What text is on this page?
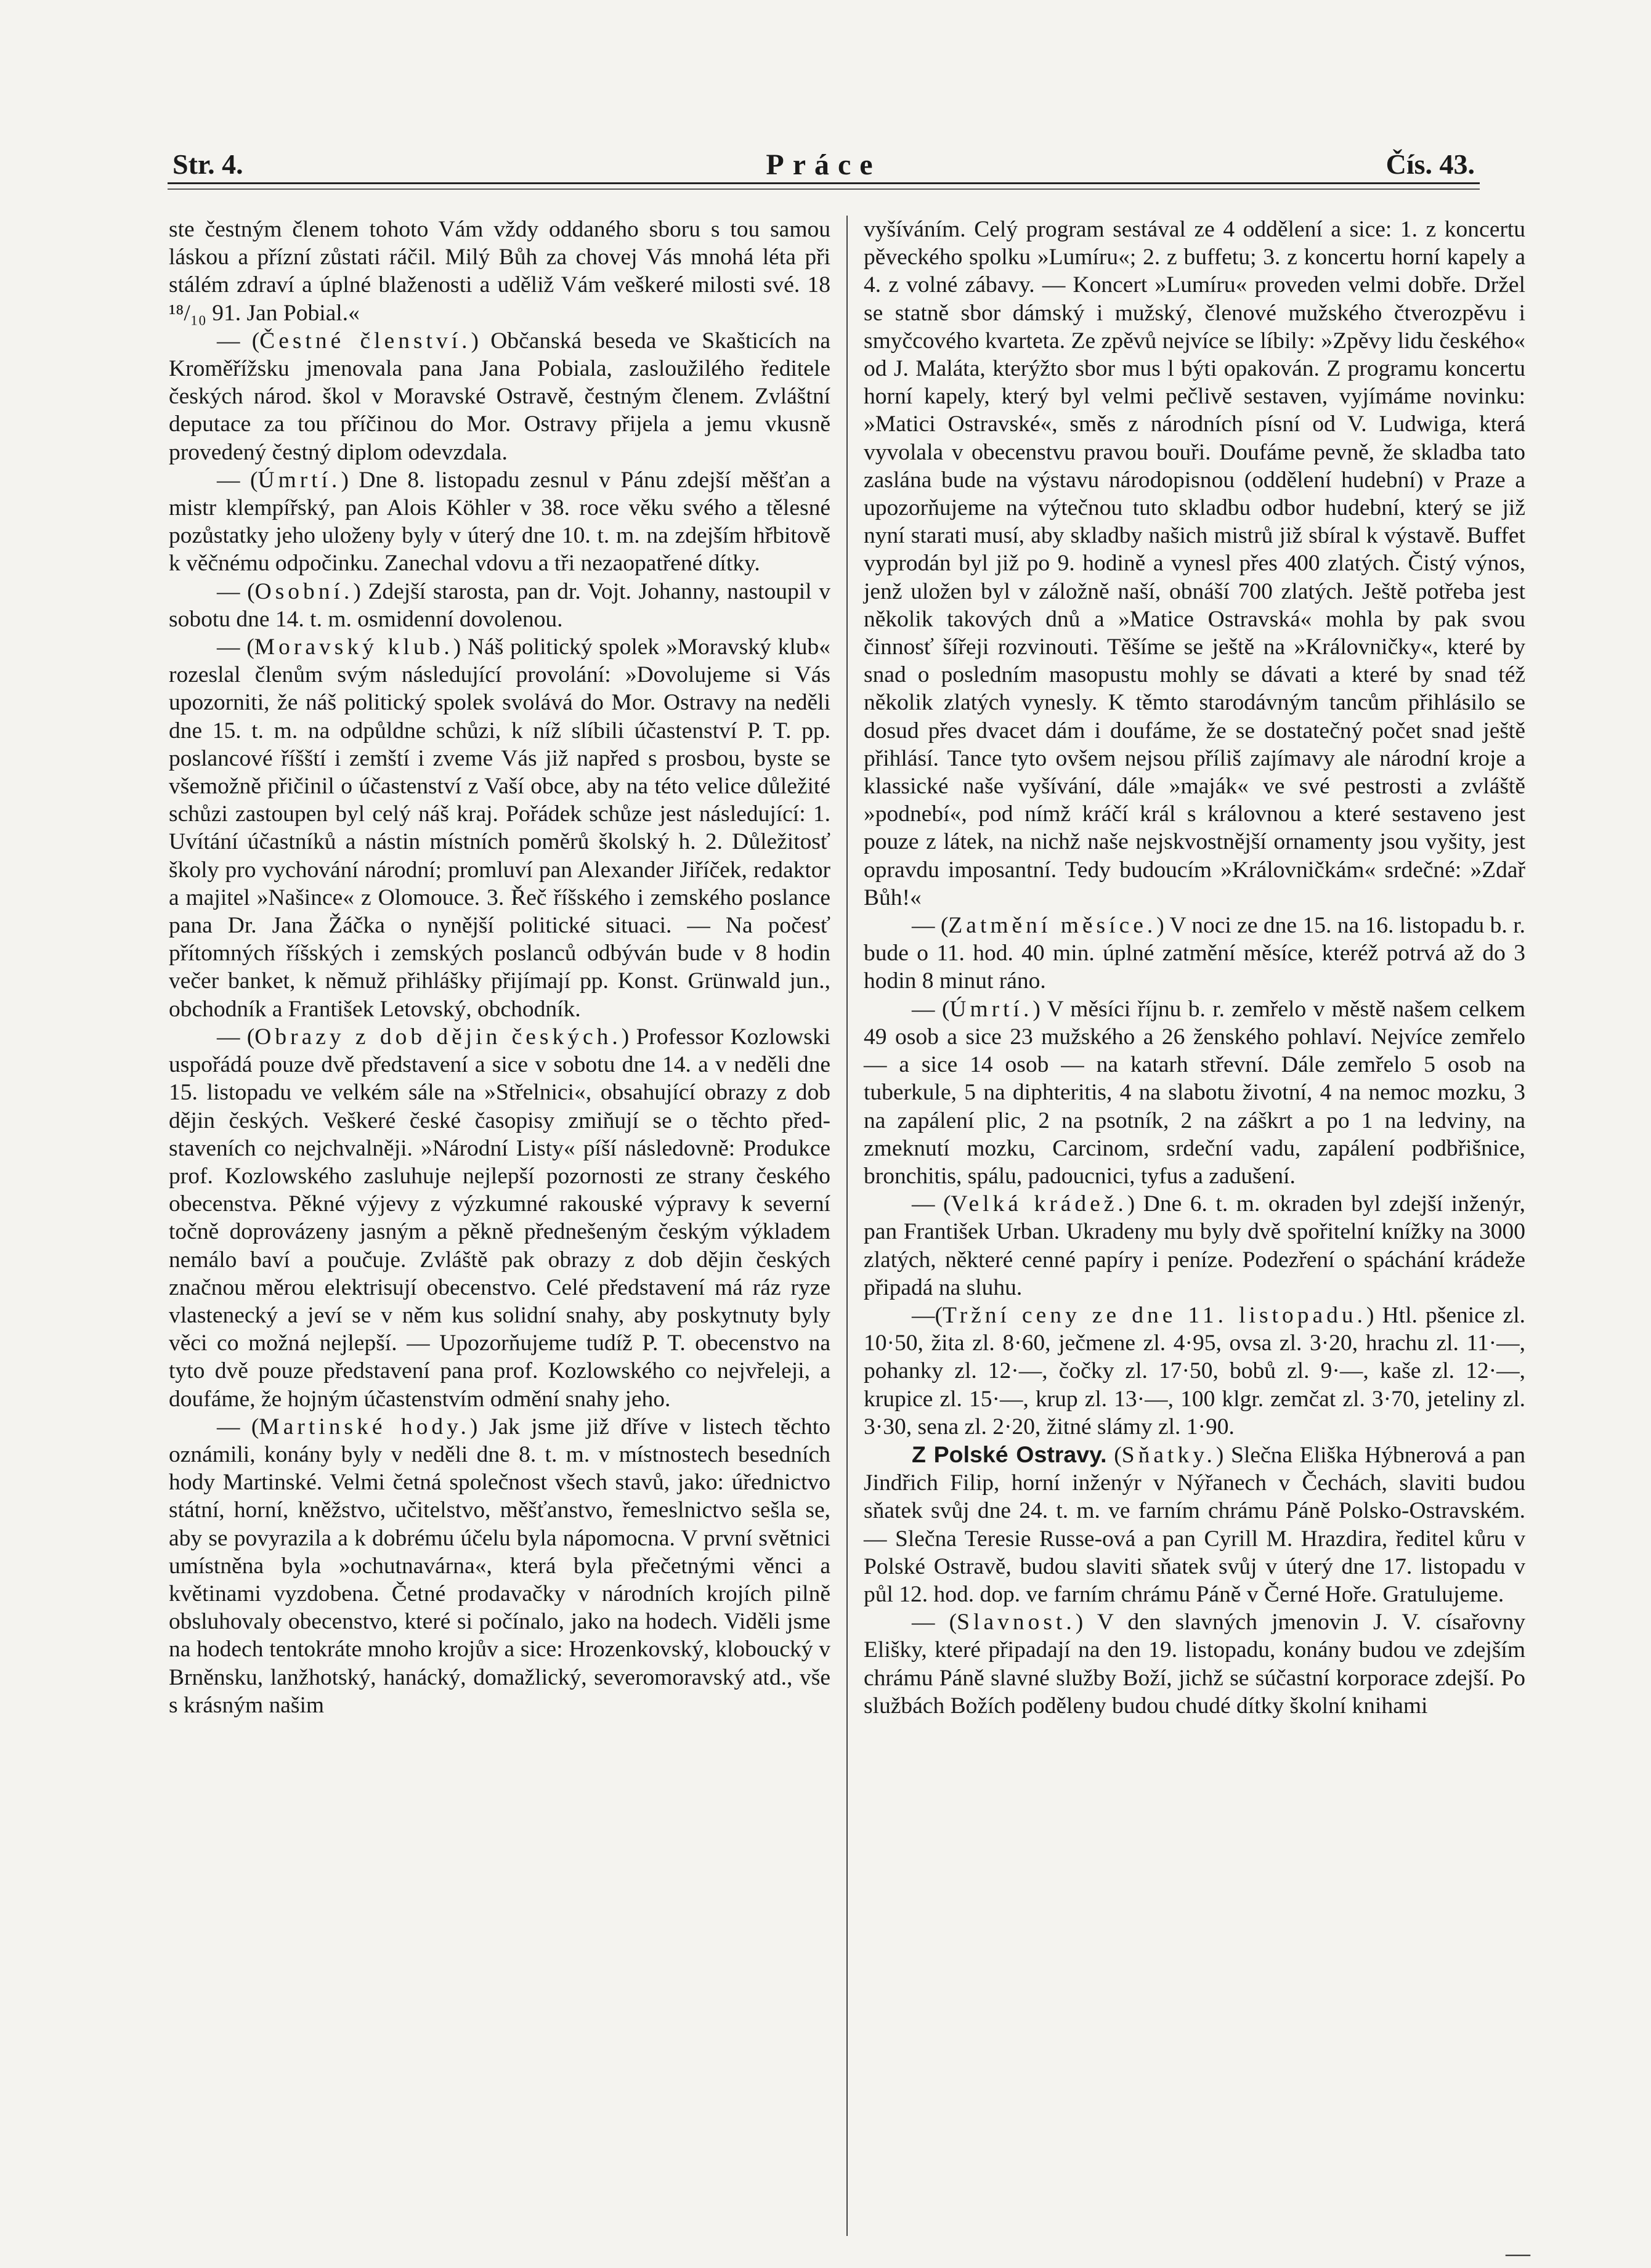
Str. 4.	Práce	Čís. 43.

ste čestným členem tohoto Vám vždy oddaného sboru s tou samou láskou a přízní zůstati ráčil. Milý Bůh za chovej Vás mnohá léta při stálém zdraví a úplné blaženosti a uděliž Vám veškeré milosti své. 18 ¹⁸/₁₀ 91. Jan Pobial.«

— (Čestné členství.) Občanská beseda ve Skašticích na Kroměřížsku jmenovala pana Jana Pobiala, zasloužilého ředitele českých národ. škol v Moravské Ostravě, čestným členem. Zvláštní deputace za tou příčinou do Mor. Ostravy přijela a jemu vkusně provedený čestný diplom odevzdala.

— (Úmrtí.) Dne 8. listopadu zesnul v Pánu zdejší měšťan a mistr klempířský, pan Alois Köhler v 38. roce věku svého a tělesné pozůstatky jeho uloženy byly v úterý dne 10. t. m. na zdejším hřbitově k věčnému odpočinku. Zanechal vdovu a tři nezaopatřené dítky.

— (Osobní.) Zdejší starosta, pan dr. Vojt. Johanny, nastoupil v sobotu dne 14. t. m. osmidenní dovolenou.

— (Moravský klub.) Náš politický spolek »Moravský klub« rozeslal členům svým následující provolání: »Dovolujeme si Vás upozorniti, že náš politický spolek svolává do Mor. Ostravy na neděli dne 15. t. m. na odpůldne schůzi, k níž slíbili účastenství P. T. pp. poslancové říšští i zemští i zveme Vás již napřed s prosbou, byste se všemožně přičinil o účastenství z Vaší obce, aby na této velice důležité schůzi zastoupen byl celý náš kraj. Pořádek schůze jest následující: 1. Uvítání účastníků a nástin místních poměrů školský h. 2. Důležitosť školy pro vychování národní; promluví pan Alexander Jiříček, redaktor a majitel »Našince« z Olomouce. 3. Řeč říšského i zemského poslance pana Dr. Jana Žáčka o nynější politické situaci. — Na počesť přítomných říšských i zemských poslanců odbýván bude v 8 hodin večer banket, k němuž přihlášky přijímají pp. Konst. Grünwald jun., obchodník a František Letovský, obchodník.

— (Obrazy z dob dějin českých.) Professor Kozlowski uspořádá pouze dvě představení a sice v sobotu dne 14. a v neděli dne 15. listopadu ve velkém sále na »Střelnici«, obsahující obrazy z dob dějin českých. Veškeré české časopisy zmiňují se o těchto představeních co nejchvalněji. »Národní Listy« píší následovně: Produkce prof. Kozlowského zasluhuje nejlepší pozornosti ze strany českého obecenstva. Pěkné výjevy z výzkumné rakouské výpravy k severní točně doprovázeny jasným a pěkně přednešeným českým výkladem nemálo baví a poučuje. Zvláště pak obrazy z dob dějin českých značnou měrou elektrisují obecenstvo. Celé představení má ráz ryze vlastenecký a jeví se v něm kus solidní snahy, aby poskytnuty byly věci co možná nejlepší. — Upozorňujeme tudíž P. T. obecenstvo na tyto dvě pouze představení pana prof. Kozlowského co nejvřeleji, a doufáme, že hojným účastenstvím odmění snahy jeho.

— (Martinské hody.) Jak jsme již dříve v listech těchto oznámili, konány byly v neděli dne 8. t. m. v místnostech besedních hody Martinské. Velmi četná společnost všech stavů, jako: úřednictvo státní, horní, kněžstvo, učitelstvo, měšťanstvo, řemeslnictvo sešla se, aby se povyrazila a k dobrému účelu byla nápomocna. V první světnici umístněna byla »ochutnavárna«, která byla přečetnými věnci a květinami vyzdobena. Četné prodavačky v národních krojích pilně obsluhovaly obecenstvo, které si počínalo, jako na hodech. Viděli jsme na hodech tentokráte mnoho krojův a sice: Hrozenkovský, kloboucký v Brněnsku, lanžhotský, hanácký, domažlický, severomoravský atd., vše s krásným našim

vyšíváním. Celý program sestával ze 4 oddělení a sice: 1. z koncertu pěveckého spolku »Lumíru«; 2. z buffetu; 3. z koncertu horní kapely a 4. z volné zábavy. — Koncert »Lumíru« proveden velmi dobře. Držel se statně sbor dámský i mužský, členové mužského čtverozpěvu i smyčcového kvarteta. Ze zpěvů nejvíce se líbily: »Zpěvy lidu českého« od J. Maláta, kterýžto sbor mus l býti opakován. Z programu koncertu horní kapely, který byl velmi pečlivě sestaven, vyjímáme novinku: »Matici Ostravské«, směs z národních písní od V. Ludwiga, která vyvolala v obecenstvu pravou bouři. Doufáme pevně, že skladba tato zaslána bude na výstavu národopisnou (oddělení hudební) v Praze a upozorňujeme na výtečnou tuto skladbu odbor hudební, který se již nyní starati musí, aby skladby našich mistrů již sbíral k výstavě. Buffet vyprodán byl již po 9. hodině a vynesl přes 400 zlatých. Čistý výnos, jenž uložen byl v záložně naší, obnáší 700 zlatých. Ještě potřeba jest několik takových dnů a »Matice Ostravská« mohla by pak svou činnosť šířeji rozvinouti. Těšíme se ještě na »Královničky«, které by snad o posledním masopustu mohly se dávati a které by snad též několik zlatých vynesly. K těmto starodávným tancům přihlásilo se dosud přes dvacet dám i doufáme, že se dostatečný počet snad ještě přihlásí. Tance tyto ovšem nejsou příliš zajímavy ale národní kroje a klassické naše vyšívání, dále »maják« ve své pestrosti a zvláště »podnebí«, pod nímž kráčí král s královnou a které sestaveno jest pouze z látek, na nichž naše nejskvostnější ornamenty jsou vyšity, jest opravdu imposantní. Tedy budoucím »Královničkám« srdečné: »Zdař Bůh!«

— (Zatmění měsíce.) V noci ze dne 15. na 16. listopadu b. r. bude o 11. hod. 40 min. úplné zatmění měsíce, kteréž potrvá až do 3 hodin 8 minut ráno.

— (Úmrtí.) V měsíci říjnu b. r. zemřelo v městě našem celkem 49 osob a sice 23 mužského a 26 ženského pohlaví. Nejvíce zemřelo — a sice 14 osob — na katarh střevní. Dále zemřelo 5 osob na tuberkule, 5 na diphteritis, 4 na slabotu životní, 4 na nemoc mozku, 3 na zapálení plic, 2 na psotník, 2 na záškrt a po 1 na ledviny, na zmeknutí mozku, Carcinom, srdeční vadu, zapálení podbřišnice, bronchitis, spálu, padoucnici, tyfus a zadušení.

— (Velká krádež.) Dne 6. t. m. okraden byl zdejší inženýr, pan František Urban. Ukradeny mu byly dvě spořitelní knížky na 3000 zlatých, některé cenné papíry i peníze. Podezření o spáchání krádeže připadá na sluhu.

—(Tržní ceny ze dne 11. listopadu.) Htl. pšenice zl. 10·50, žita zl. 8·60, ječmene zl. 4·95, ovsa zl. 3·20, hrachu zl. 11·—, pohanky zl. 12·—, čočky zl. 17·50, bobů zl. 9·—, kaše zl. 12·—, krupice zl. 15·—, krup zl. 13·—, 100 klgr. zemčat zl. 3·70, jeteliny zl. 3·30, sena zl. 2·20, žitné slámy zl. 1·90.

Z Polské Ostravy. (Sňatky.) Slečna Eliška Hýbnerová a pan Jindřich Filip, horní inženýr v Nýřanech v Čechách, slaviti budou sňatek svůj dne 24. t. m. ve farním chrámu Páně Polsko-Ostravském. — Slečna Teresie Russe-ová a pan Cyrill M. Hrazdira, ředitel kůru v Polské Ostravě, budou slaviti sňatek svůj v úterý dne 17. listopadu v půl 12. hod. dop. ve farním chrámu Páně v Černé Hoře. Gratulujeme.

— (Slavnost.) V den slavných jmenovin J. V. císařovny Elišky, které připadají na den 19. listopadu, konány budou ve zdejším chrámu Páně slavné služby Boží, jichž se súčastní korporace zdejší. Po službách Božích poděleny budou chudé dítky školní knihami

—
